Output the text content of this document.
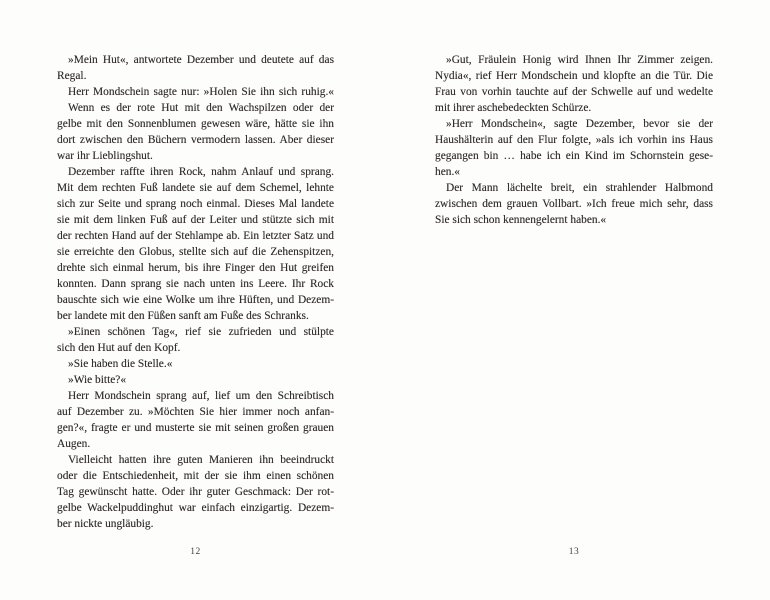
»Mein Hut«, antwortete Dezember und deutete auf das
Regal.
Herr Mondschein sagte nur: »Holen Sie ihn sich ruhig.«
Wenn es der rote Hut mit den Wachspilzen oder der
gelbe mit den Sonnenblumen gewesen wäre, hätte sie ihn
dort zwischen den Büchern vermodern lassen. Aber dieser
war ihr Lieblingshut.
Dezember raffte ihren Rock, nahm Anlauf und sprang.
Mit dem rechten Fuß landete sie auf dem Schemel, lehnte
sich zur Seite und sprang noch einmal. Dieses Mal landete
sie mit dem linken Fuß auf der Leiter und stützte sich mit
der rechten Hand auf der Stehlampe ab. Ein letzter Satz und
sie erreichte den Globus, stellte sich auf die Zehenspitzen,
drehte sich einmal herum, bis ihre Finger den Hut greifen
konnten. Dann sprang sie nach unten ins Leere. Ihr Rock
bauschte sich wie eine Wolke um ihre Hüften, und Dezem-
ber landete mit den Füßen sanft am Fuße des Schranks.
»Einen schönen Tag«, rief sie zufrieden und stülpte
sich den Hut auf den Kopf.
»Sie haben die Stelle.«
»Wie bitte?«
Herr Mondschein sprang auf, lief um den Schreibtisch
auf Dezember zu. »Möchten Sie hier immer noch anfan-
gen?«, fragte er und musterte sie mit seinen großen grauen
Augen.
Vielleicht hatten ihre guten Manieren ihn beeindruckt
oder die Entschiedenheit, mit der sie ihm einen schönen
Tag gewünscht hatte. Oder ihr guter Geschmack: Der rot-
gelbe Wackelpuddinghut war einfach einzigartig. Dezem-
ber nickte ungläubig.
12
»Gut, Fräulein Honig wird Ihnen Ihr Zimmer zeigen.
Nydia«, rief Herr Mondschein und klopfte an die Tür. Die
Frau von vorhin tauchte auf der Schwelle auf und wedelte
mit ihrer aschebedeckten Schürze.
»Herr Mondschein«, sagte Dezember, bevor sie der
Haushälterin auf den Flur folgte, »als ich vorhin ins Haus
gegangen bin … habe ich ein Kind im Schornstein gese-
hen.«
Der Mann lächelte breit, ein strahlender Halbmond
zwischen dem grauen Vollbart. »Ich freue mich sehr, dass
Sie sich schon kennengelernt haben.«
13
